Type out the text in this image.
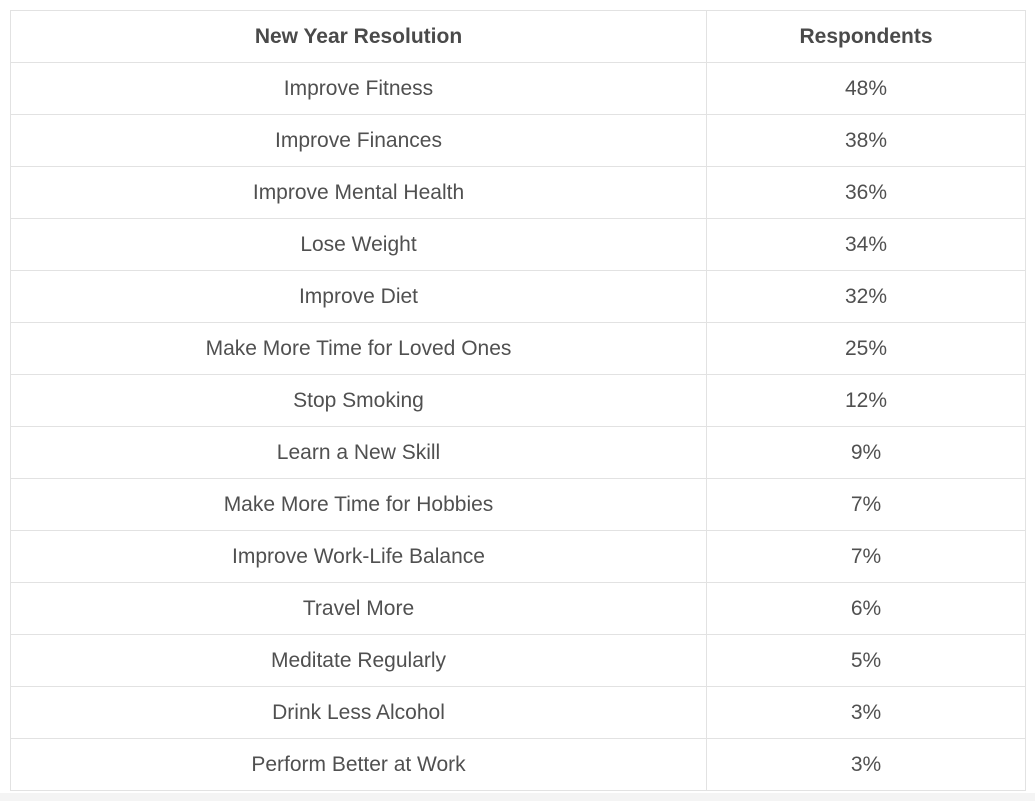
New Year Resolution	Respondents
Improve Fitness	48%
Improve Finances	38%
Improve Mental Health	36%
Lose Weight	34%
Improve Diet	32%
Make More Time for Loved Ones	25%
Stop Smoking	12%
Learn a New Skill	9%
Make More Time for Hobbies	7%
Improve Work-Life Balance	7%
Travel More	6%
Meditate Regularly	5%
Drink Less Alcohol	3%
Perform Better at Work	3%
